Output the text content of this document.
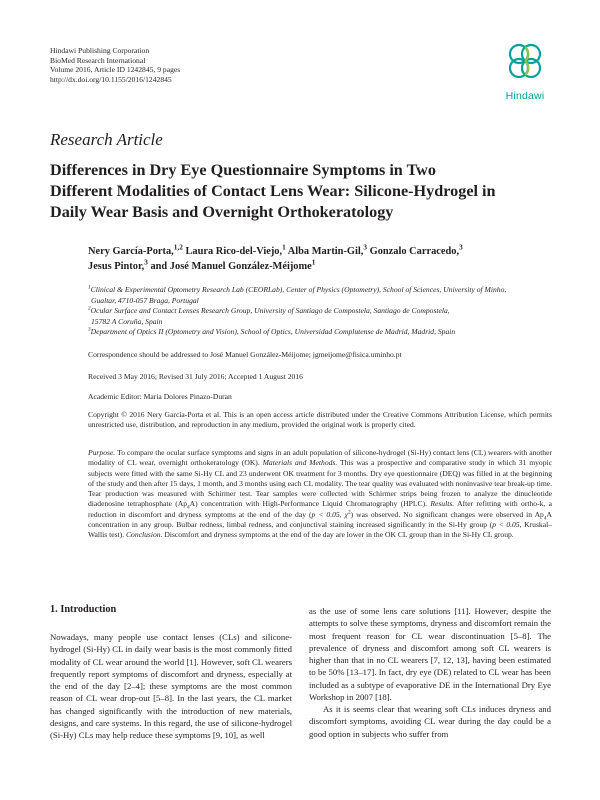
Hindawi Publishing Corporation
BioMed Research International
Volume 2016, Article ID 1242845, 9 pages
http://dx.doi.org/10.1155/2016/1242845
Hindawi
Research Article
Differences in Dry Eye Questionnaire Symptoms in Two
Different Modalities of Contact Lens Wear: Silicone-Hydrogel in
Daily Wear Basis and Overnight Orthokeratology
Nery García-Porta,$^{1,2}$ Laura Rico-del-Viejo,$^1$ Alba Martin-Gil,$^3$ Gonzalo Carracedo,$^3$
Jesus Pintor,$^3$ and José Manuel González-Méijome$^1$
$^1$Clinical & Experimental Optometry Research Lab (CEORLab), Center of Physics (Optometry), School of Sciences, University of Minho,
Gualtar, 4710-057 Braga, Portugal
$^2$Ocular Surface and Contact Lenses Research Group, University of Santiago de Compostela, Santiago de Compostela,
15782 A Coruña, Spain
$^3$Department of Optics II (Optometry and Vision), School of Optics, Universidad Complutense de Madrid, Madrid, Spain
Correspondence should be addressed to José Manuel González-Méijome; jgmeijome@fisica.uminho.pt
Received 3 May 2016; Revised 31 July 2016; Accepted 1 August 2016
Academic Editor: Maria Dolores Pinazo-Duran
Copyright © 2016 Nery García-Porta et al. This is an open access article distributed under the Creative Commons Attribution License, which permits unrestricted use, distribution, and reproduction in any medium, provided the original work is properly cited.
Purpose. To compare the ocular surface symptoms and signs in an adult population of silicone-hydrogel (Si-Hy) contact lens (CL) wearers with another modality of CL wear, overnight orthokeratology (OK). Materials and Methods. This was a prospective and comparative study in which 31 myopic subjects were fitted with the same Si-Hy CL and 23 underwent OK treatment for 3 months. Dry eye questionnaire (DEQ) was filled in at the beginning of the study and then after 15 days, 1 month, and 3 months using each CL modality. The tear quality was evaluated with noninvasive tear break-up time. Tear production was measured with Schirmer test. Tear samples were collected with Schirmer strips being frozen to analyze the dinucleotide diadenosine tetraphosphate $(Ap_4A)$ concentration with High-Performance Liquid Chromatography (HPLC). Results. After refitting with ortho-k, a reduction in discomfort and dryness symptoms at the end of the day (p < 0.05, $\chi^2$) was observed. No significant changes were observed in $Ap_4A$ concentration in any group. Bulbar redness, limbal redness, and conjunctival staining increased significantly in the Si-Hy group (p < 0.05, Kruskal–Wallis test). Conclusion. Discomfort and dryness symptoms at the end of the day are lower in the OK CL group than in the Si-Hy CL group.
1. Introduction

Nowadays, many people use contact lenses (CLs) and silicone-hydrogel (Si-Hy) CL in daily wear basis is the most commonly fitted modality of CL wear around the world [1]. However, soft CL wearers frequently report symptoms of discomfort and dryness, especially at the end of the day [2–4]; these symptoms are the most common reason of CL wear drop-out [5–8]. In the last years, the CL market has changed significantly with the introduction of new materials, designs, and care systems. In this regard, the use of silicone-hydrogel (Si-Hy) CLs may help reduce these symptoms [9, 10], as well

as the use of some lens care solutions [11]. However, despite the attempts to solve these symptoms, dryness and discomfort remain the most frequent reason for CL wear discontinuation [5–8]. The prevalence of dryness and discomfort among soft CL wearers is higher than that in no CL wearers [7, 12, 13], having been estimated to be 50% [13–17]. In fact, dry eye (DE) related to CL wear has been included as a subtype of evaporative DE in the International Dry Eye Workshop in 2007 [18].

As it is seems clear that wearing soft CLs induces dryness and discomfort symptoms, avoiding CL wear during the day could be a good option in subjects who suffer from
